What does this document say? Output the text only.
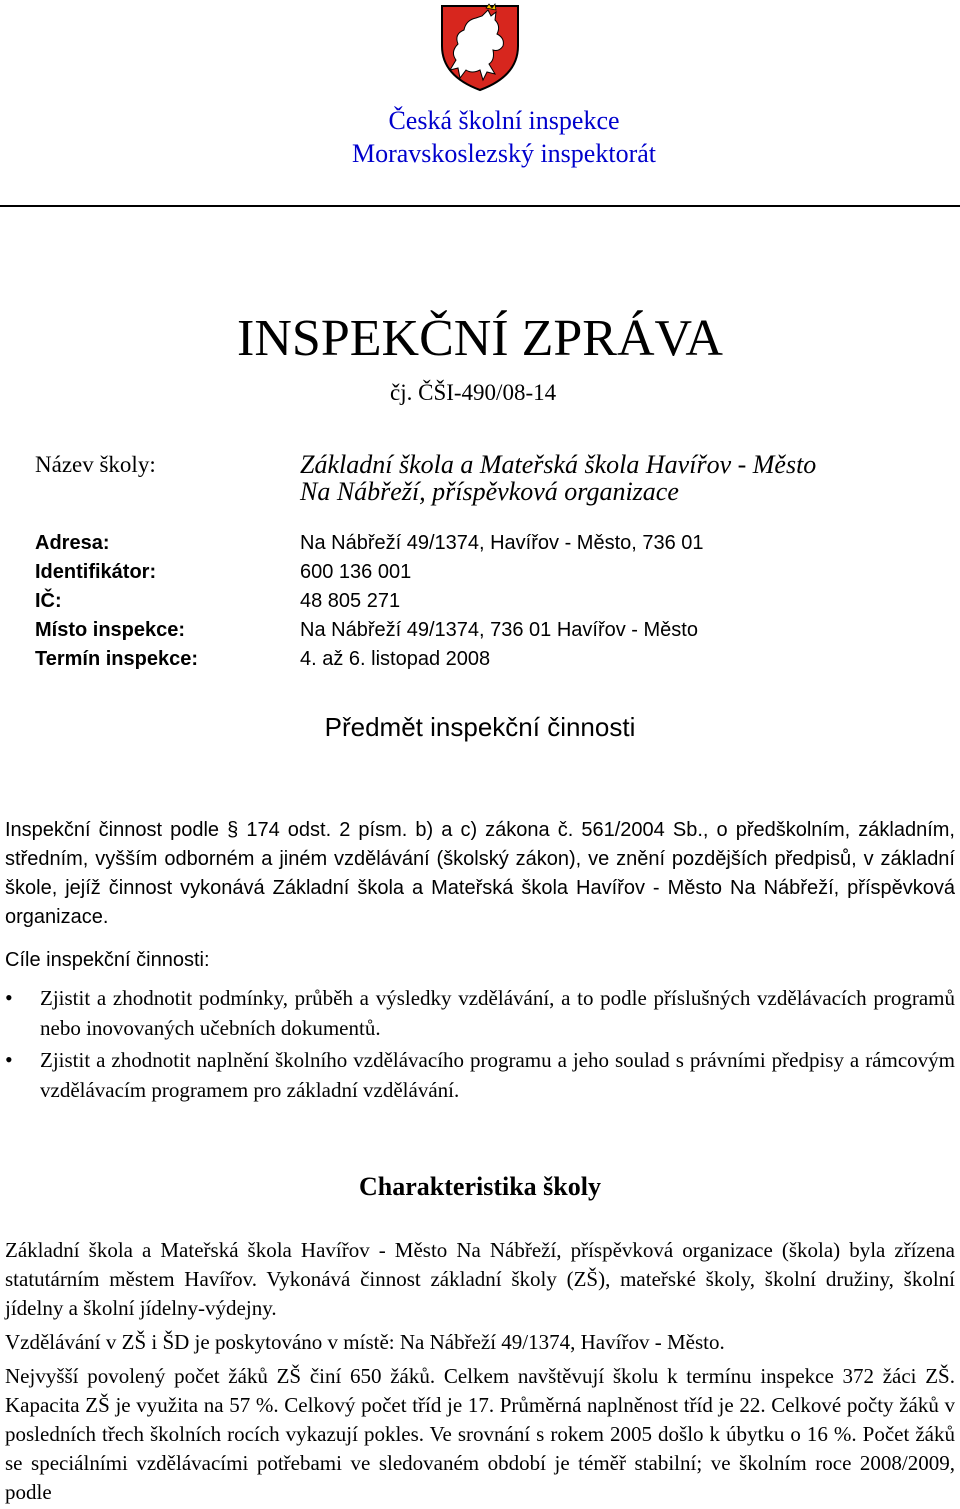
Česká školní inspekce
Moravskoslezský inspektorát
INSPEKČNÍ ZPRÁVA
čj. ČŠI-490/08-14
Název školy:	Základní škola a Mateřská škola Havířov - Město
Na Nábřeží, příspěvková organizace
Adresa:	Na Nábřeží 49/1374, Havířov - Město, 736 01
Identifikátor:	600 136 001
IČ:	48 805 271
Místo inspekce:	Na Nábřeží 49/1374, 736 01 Havířov - Město
Termín inspekce:	4. až 6. listopad 2008
Předmět inspekční činnosti
Inspekční činnost podle § 174 odst. 2 písm. b) a c) zákona č. 561/2004 Sb., o předškolním, základním, středním, vyšším odborném a jiném vzdělávání (školský zákon), ve znění pozdějších předpisů, v základní škole, jejíž činnost vykonává Základní škola a Mateřská škola Havířov - Město Na Nábřeží, příspěvková organizace.
Cíle inspekční činnosti:
• Zjistit a zhodnotit podmínky, průběh a výsledky vzdělávání, a to podle příslušných vzdělávacích programů nebo inovovaných učebních dokumentů.
• Zjistit a zhodnotit naplnění školního vzdělávacího programu a jeho soulad s právními předpisy a rámcovým vzdělávacím programem pro základní vzdělávání.
Charakteristika školy
Základní škola a Mateřská škola Havířov - Město Na Nábřeží, příspěvková organizace (škola) byla zřízena statutárním městem Havířov. Vykonává činnost základní školy (ZŠ), mateřské školy, školní družiny, školní jídelny a školní jídelny-výdejny.
Vzdělávání v ZŠ i ŠD je poskytováno v místě: Na Nábřeží 49/1374, Havířov - Město.
Nejvyšší povolený počet žáků ZŠ činí 650 žáků. Celkem navštěvují školu k termínu inspekce 372 žáci ZŠ. Kapacita ZŠ je využita na 57 %. Celkový počet tříd je 17. Průměrná naplněnost tříd je 22. Celkové počty žáků v posledních třech školních rocích vykazují pokles. Ve srovnání s rokem 2005 došlo k úbytku o 16 %. Počet žáků se speciálními vzdělávacími potřebami ve sledovaném období je téměř stabilní; ve školním roce 2008/2009, podle
